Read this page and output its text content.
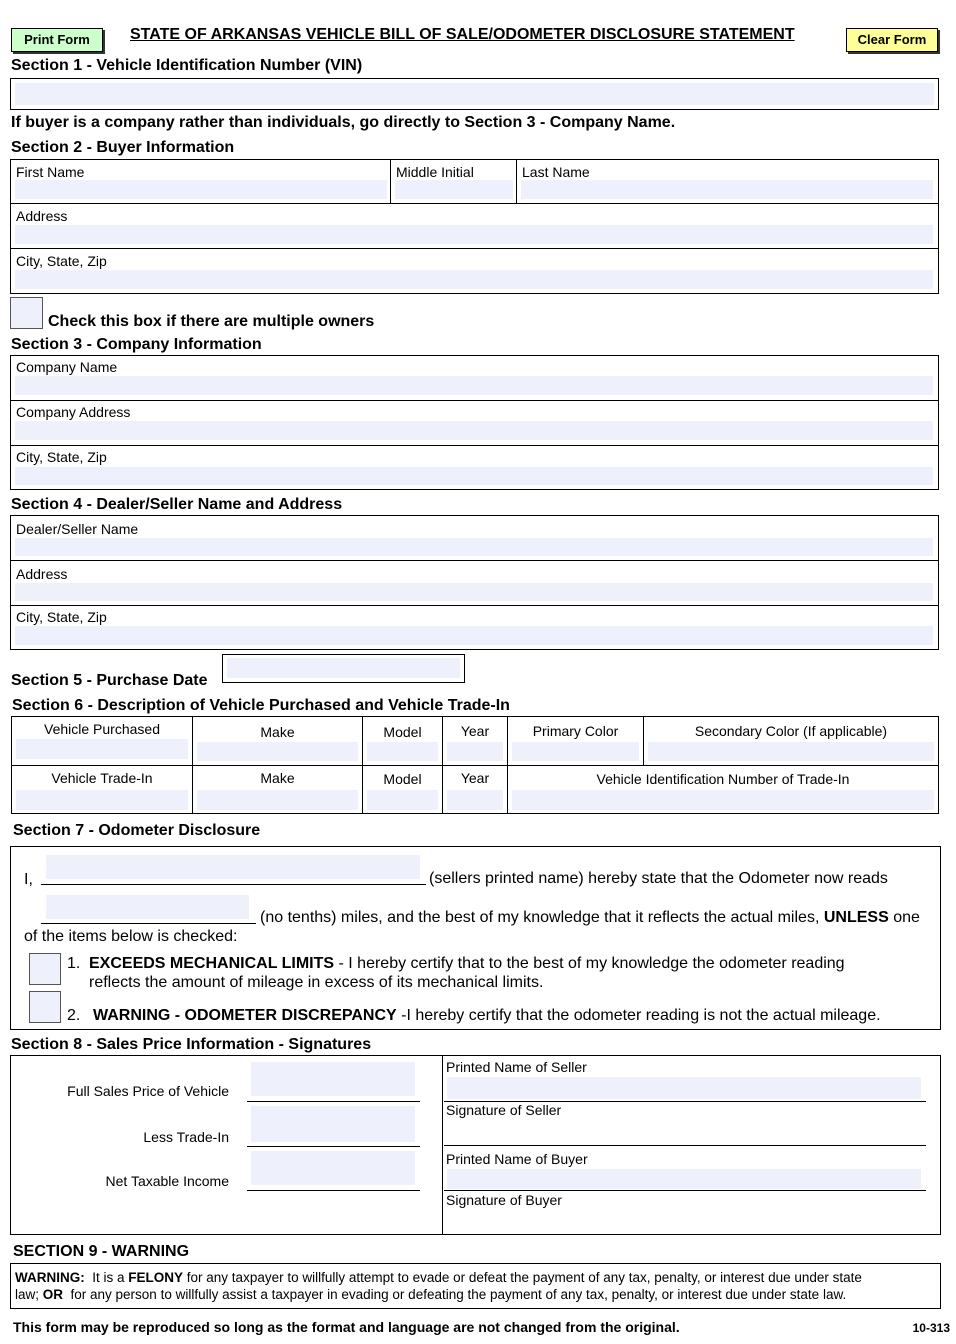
Print Form	STATE OF ARKANSAS VEHICLE BILL OF SALE/ODOMETER DISCLOSURE STATEMENT	Clear Form
Section 1 - Vehicle Identification Number (VIN)
If buyer is a company rather than individuals, go directly to Section 3 - Company Name.
Section 2 - Buyer Information
First Name	Middle Initial	Last Name
Address
City, State, Zip
Check this box if there are multiple owners
Section 3 - Company Information
Company Name
Company Address
City, State, Zip
Section 4 - Dealer/Seller Name and Address
Dealer/Seller Name
Address
City, State, Zip
Section 5 - Purchase Date
Section 6 - Description of Vehicle Purchased and Vehicle Trade-In
Vehicle Purchased	Make	Model	Year	Primary Color	Secondary Color (If applicable)
Vehicle Trade-In	Make	Model	Year	Vehicle Identification Number of Trade-In
Section 7 - Odometer Disclosure
I,	(sellers printed name) hereby state that the Odometer now reads
(no tenths) miles, and the best of my knowledge that it reflects the actual miles, UNLESS one
of the items below is checked:
1. EXCEEDS MECHANICAL LIMITS - I hereby certify that to the best of my knowledge the odometer reading
reflects the amount of mileage in excess of its mechanical limits.
2. WARNING - ODOMETER DISCREPANCY -I hereby certify that the odometer reading is not the actual mileage.
Section 8 - Sales Price Information - Signatures
Full Sales Price of Vehicle
Less Trade-In
Net Taxable Income
Printed Name of Seller
Signature of Seller
Printed Name of Buyer
Signature of Buyer
SECTION 9 - WARNING
WARNING:  It is a FELONY for any taxpayer to willfully attempt to evade or defeat the payment of any tax, penalty, or interest due under state
law; OR  for any person to willfully assist a taxpayer in evading or defeating the payment of any tax, penalty, or interest due under state law.
This form may be reproduced so long as the format and language are not changed from the original.	10-313
